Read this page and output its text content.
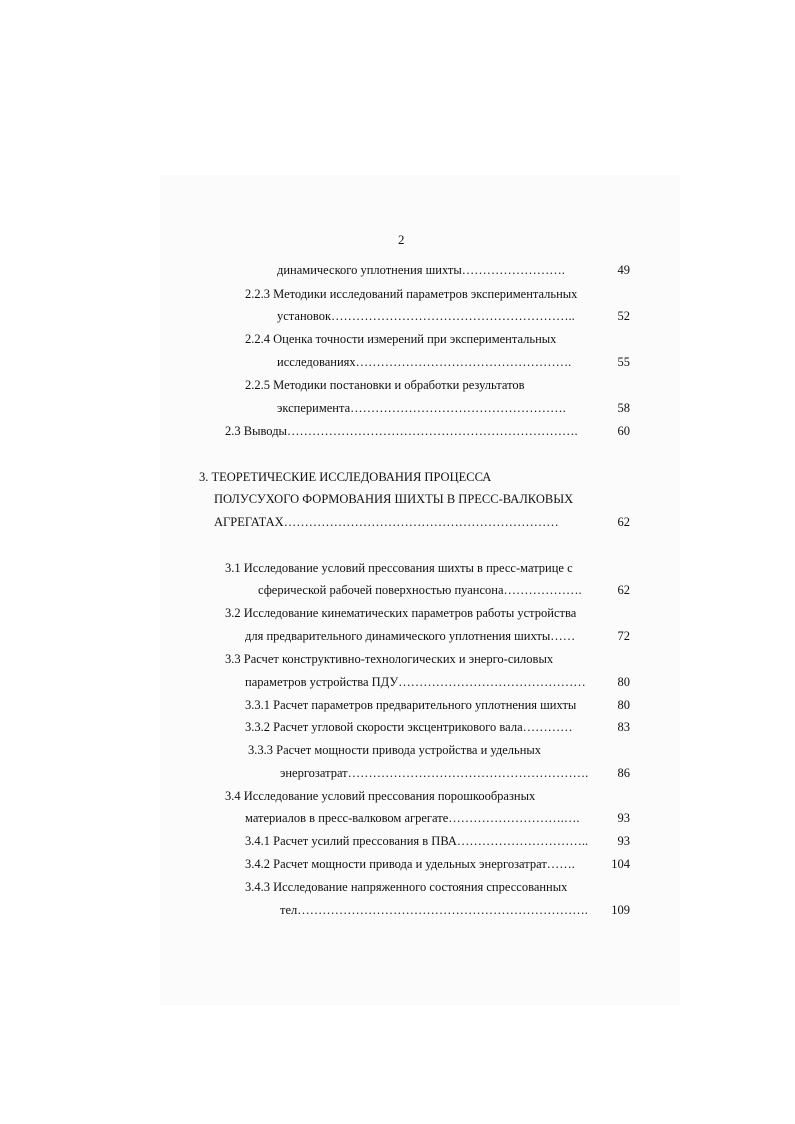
2
динамического уплотнения шихты…………………….	49
2.2.3 Методики исследований параметров экспериментальных
установок…………………………………………………..	52
2.2.4 Оценка точности измерений при экспериментальных
исследованиях…………………………………………….	55
2.2.5 Методики постановки и обработки результатов
эксперимента…………………………………………….	58
2.3 Выводы…………………………………………………………….	60
3. ТЕОРЕТИЧЕСКИЕ ИССЛЕДОВАНИЯ ПРОЦЕССА
ПОЛУСУХОГО ФОРМОВАНИЯ ШИХТЫ В ПРЕСС-ВАЛКОВЫХ
АГРЕГАТАХ…………………………………………………………	62
3.1 Исследование условий прессования шихты в пресс-матрице с
сферической рабочей поверхностью пуансона……………….	62
3.2 Исследование кинематических параметров работы устройства
для предварительного динамического уплотнения шихты……	72
3.3 Расчет конструктивно-технологических и энерго-силовых
параметров устройства ПДУ………………………………………	80
3.3.1 Расчет параметров предварительного уплотнения шихты	80
3.3.2 Расчет угловой скорости эксцентрикового вала…………	83
3.3.3 Расчет мощности привода устройства и удельных
энергозатрат………………………………………………….	86
3.4 Исследование условий прессования порошкообразных
материалов в пресс-валковом агрегате……………………….….	93
3.4.1 Расчет усилий прессования в ПВА…………………………..	93
3.4.2 Расчет мощности привода и удельных энергозатрат…….	104
3.4.3 Исследование напряженного состояния спрессованных
тел…………………………………………………………….	109
